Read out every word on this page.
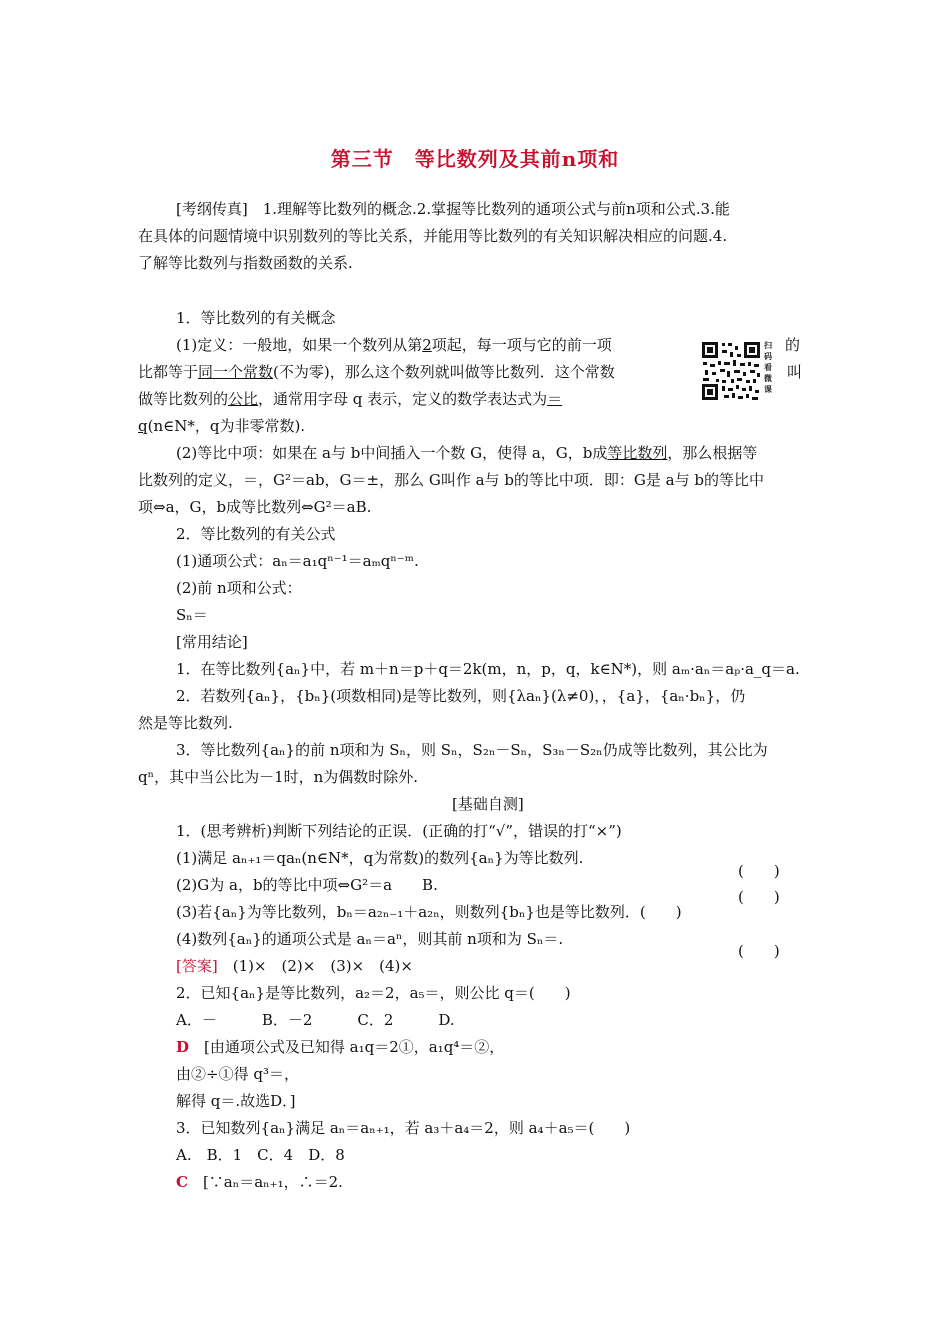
第三节　等比数列及其前n项和
[考纲传真]　1.理解等比数列的概念.2.掌握等比数列的通项公式与前n项和公式.3.能
在具体的问题情境中识别数列的等比关系，并能用等比数列的有关知识解决相应的问题.4.
了解等比数列与指数函数的关系.
1．等比数列的有关概念
(1)定义：一般地，如果一个数列从第2项起，每一项与它的前一项	的
扫码看微课
比都等于同一个常数(不为零)，那么这个数列就叫做等比数列．这个常数	叫
做等比数列的公比，通常用字母 q 表示，定义的数学表达式为＝
q(n∈N*，q为非零常数).
(2)等比中项：如果在 a与 b中间插入一个数 G，使得 a，G，b成等比数列，那么根据等
比数列的定义，＝，G²＝ab，G＝±，那么 G叫作 a与 b的等比中项．即：G是 a与 b的等比中
项⇔a，G，b成等比数列⇔G²＝aB.
2．等比数列的有关公式
(1)通项公式：aₙ＝a₁qⁿ⁻¹＝aₘqⁿ⁻ᵐ.
(2)前 n项和公式：
Sₙ＝
[常用结论]
1．在等比数列{aₙ}中，若 m＋n＝p＋q＝2k(m，n，p，q，k∈N*)，则 aₘ·aₙ＝aₚ·a_q＝a.
2．若数列{aₙ}，{bₙ}(项数相同)是等比数列，则{λaₙ}(λ≠0)，，{a}，{aₙ·bₙ}，仍
然是等比数列.
3．等比数列{aₙ}的前 n项和为 Sₙ，则 Sₙ，S₂ₙ－Sₙ，S₃ₙ－S₂ₙ仍成等比数列，其公比为
qⁿ，其中当公比为－1时，n为偶数时除外.
[基础自测]
1．(思考辨析)判断下列结论的正误．(正确的打“√”，错误的打“×”)
(1)满足 aₙ₊₁＝qaₙ(n∈N*，q为常数)的数列{aₙ}为等比数列.
(　　)
(2)G为 a，b的等比中项⇔G²＝a　　B.
(　　)
(3)若{aₙ}为等比数列，bₙ＝a₂ₙ₋₁＋a₂ₙ，则数列{bₙ}也是等比数列．(　　)
(4)数列{aₙ}的通项公式是 aₙ＝aⁿ，则其前 n项和为 Sₙ＝.
(　　)
[答案]　(1)×　(2)×　(3)×　(4)×
2．已知{aₙ}是等比数列，a₂＝2，a₅＝，则公比 q＝(　　)
A．－　　　B．－2　　　C．2　　　D.
D　[由通项公式及已知得 a₁q＝2①，a₁q⁴＝②，
由②÷①得 q³＝，
解得 q＝.故选D．]
3．已知数列{aₙ}满足 aₙ＝aₙ₊₁，若 a₃＋a₄＝2，则 a₄＋a₅＝(　　)
A.　B．1　C．4　D．8
C　[∵aₙ＝aₙ₊₁，∴＝2.
